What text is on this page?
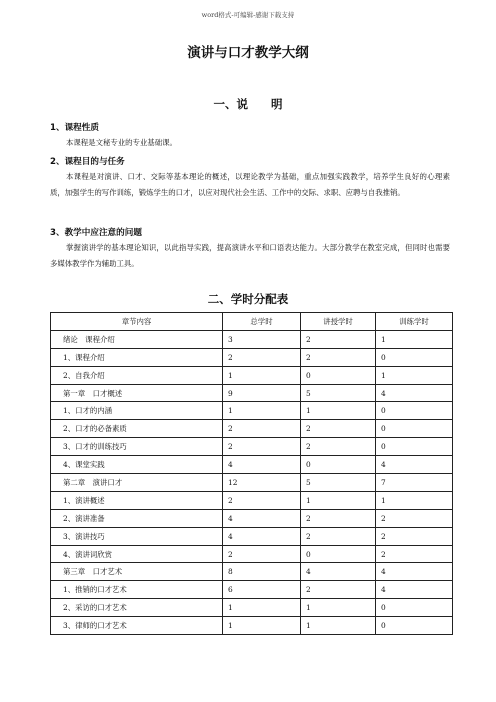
word格式-可编辑-感谢下载支持
演讲与口才教学大纲
一、说　　明
1、课程性质

本课程是文秘专业的专业基础课。

2、课程目的与任务

本课程是对演讲、口才、交际等基本理论的概述，以理论教学为基础，重点加强实践教学，培养学生良好的心理素质，加强学生的写作训练，锻炼学生的口才，以应对现代社会生活、工作中的交际、求职、应聘与自我推销。

章节内容	总学时	讲授学时	训练学时
绪论　课程介绍	3	2	1
1、课程介绍	2	2	0
2、自我介绍	1	0	1
第一章　口才概述	9	5	4
1、口才的内涵	1	1	0
2、口才的必备素质	2	2	0
3、口才的训练技巧	2	2	0
4、课堂实践	4	0	4
第二章　演讲口才	12	5	7
1、演讲概述	2	1	1
2、演讲准备	4	2	2
3、演讲技巧	4	2	2
4、演讲词欣赏	2	0	2
第三章　口才艺术	8	4	4
1、推销的口才艺术	6	2	4
2、采访的口才艺术	1	1	0
3、律师的口才艺术	1	1	0
3、教学中应注意的问题

掌握演讲学的基本理论知识，以此指导实践，提高演讲水平和口语表达能力。大部分教学在教室完成，但同时也需要多媒体教学作为辅助工具。

二、学时分配表
